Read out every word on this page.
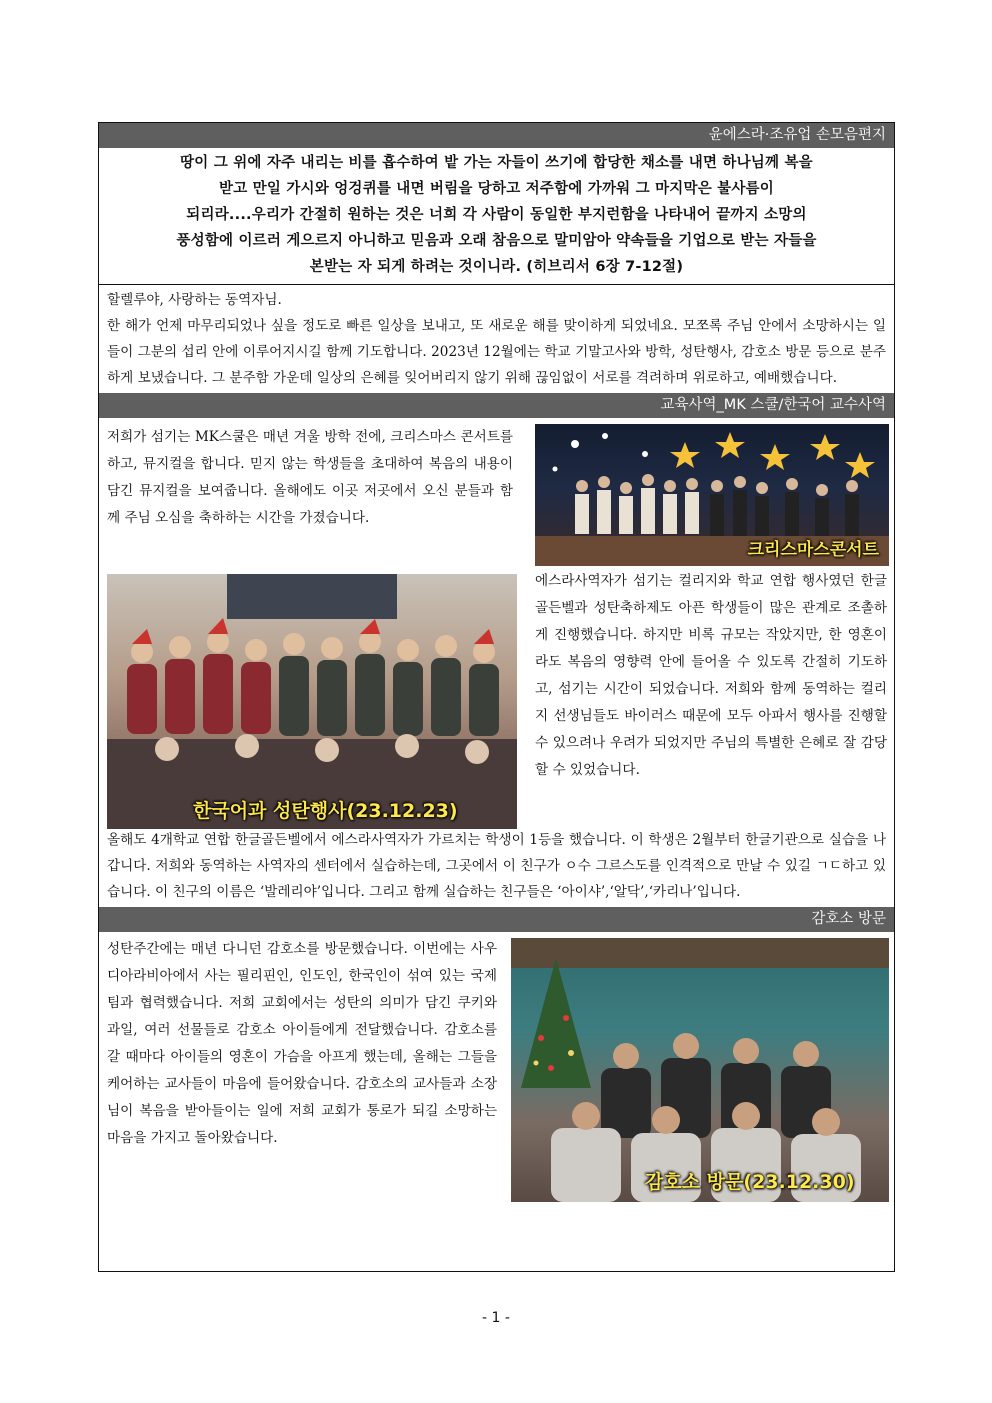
윤에스라·조유업 손모음편지
땅이 그 위에 자주 내리는 비를 흡수하여 밭 가는 자들이 쓰기에 합당한 채소를 내면 하나님께 복을
받고 만일 가시와 엉겅퀴를 내면 버림을 당하고 저주함에 가까워 그 마지막은 불사름이
되리라....우리가 간절히 원하는 것은 너희 각 사람이 동일한 부지런함을 나타내어 끝까지 소망의
풍성함에 이르러 게으르지 아니하고 믿음과 오래 참음으로 말미암아 약속들을 기업으로 받는 자들을
본받는 자 되게 하려는 것이니라. (히브리서 6장 7-12절)
할렐루야, 사랑하는 동역자님.
한 해가 언제 마무리되었나 싶을 정도로 빠른 일상을 보내고, 또 새로운 해를 맞이하게 되었네요. 모쪼록 주님 안에서 소망하시는 일들이 그분의 섭리 안에 이루어지시길 함께 기도합니다. 2023년 12월에는 학교 기말고사와 방학, 성탄행사, 감호소 방문 등으로 분주하게 보냈습니다. 그 분주함 가운데 일상의 은혜를 잊어버리지 않기 위해 끊임없이 서로를 격려하며 위로하고, 예배했습니다.
교육사역_MK 스쿨/한국어 교수사역
저희가 섬기는 MK스쿨은 매년 겨울 방학 전에, 크리스마스 콘서트를 하고, 뮤지컬을 합니다. 믿지 않는 학생들을 초대하여 복음의 내용이 담긴 뮤지컬을 보여줍니다. 올해에도 이곳 저곳에서 오신 분들과 함께 주님 오심을 축하하는 시간을 가졌습니다.
크리스마스콘서트
한국어과 성탄행사(23.12.23)
에스라사역자가 섬기는 컬리지와 학교 연합 행사였던 한글 골든벨과 성탄축하제도 아픈 학생들이 많은 관계로 조촐하게 진행했습니다. 하지만 비록 규모는 작았지만, 한 영혼이라도 복음의 영향력 안에 들어올 수 있도록 간절히 기도하고, 섬기는 시간이 되었습니다. 저희와 함께 동역하는 컬리지 선생님들도 바이러스 때문에 모두 아파서 행사를 진행할 수 있으려나 우려가 되었지만 주님의 특별한 은혜로 잘 감당할 수 있었습니다.
올해도 4개학교 연합 한글골든벨에서 에스라사역자가 가르치는 학생이 1등을 했습니다. 이 학생은 2월부터 한글기관으로 실습을 나갑니다. 저희와 동역하는 사역자의 센터에서 실습하는데, 그곳에서 이 친구가 ㅇ수 그르스도를 인격적으로 만날 수 있길 ㄱㄷ하고 있습니다. 이 친구의 이름은 ‘발레리야’입니다. 그리고 함께 실습하는 친구들은 ‘아이샤’,‘알닥’,‘카리나’입니다.
감호소 방문
성탄주간에는 매년 다니던 감호소를 방문했습니다. 이번에는 사우디아라비아에서 사는 필리핀인, 인도인, 한국인이 섞여 있는 국제팀과 협력했습니다. 저희 교회에서는 성탄의 의미가 담긴 쿠키와 과일, 여러 선물들로 감호소 아이들에게 전달했습니다. 감호소를 갈 때마다 아이들의 영혼이 가슴을 아프게 했는데, 올해는 그들을 케어하는 교사들이 마음에 들어왔습니다. 감호소의 교사들과 소장님이 복음을 받아들이는 일에 저희 교회가 통로가 되길 소망하는 마음을 가지고 돌아왔습니다.
감호소 방문(23.12.30)
- 1 -
